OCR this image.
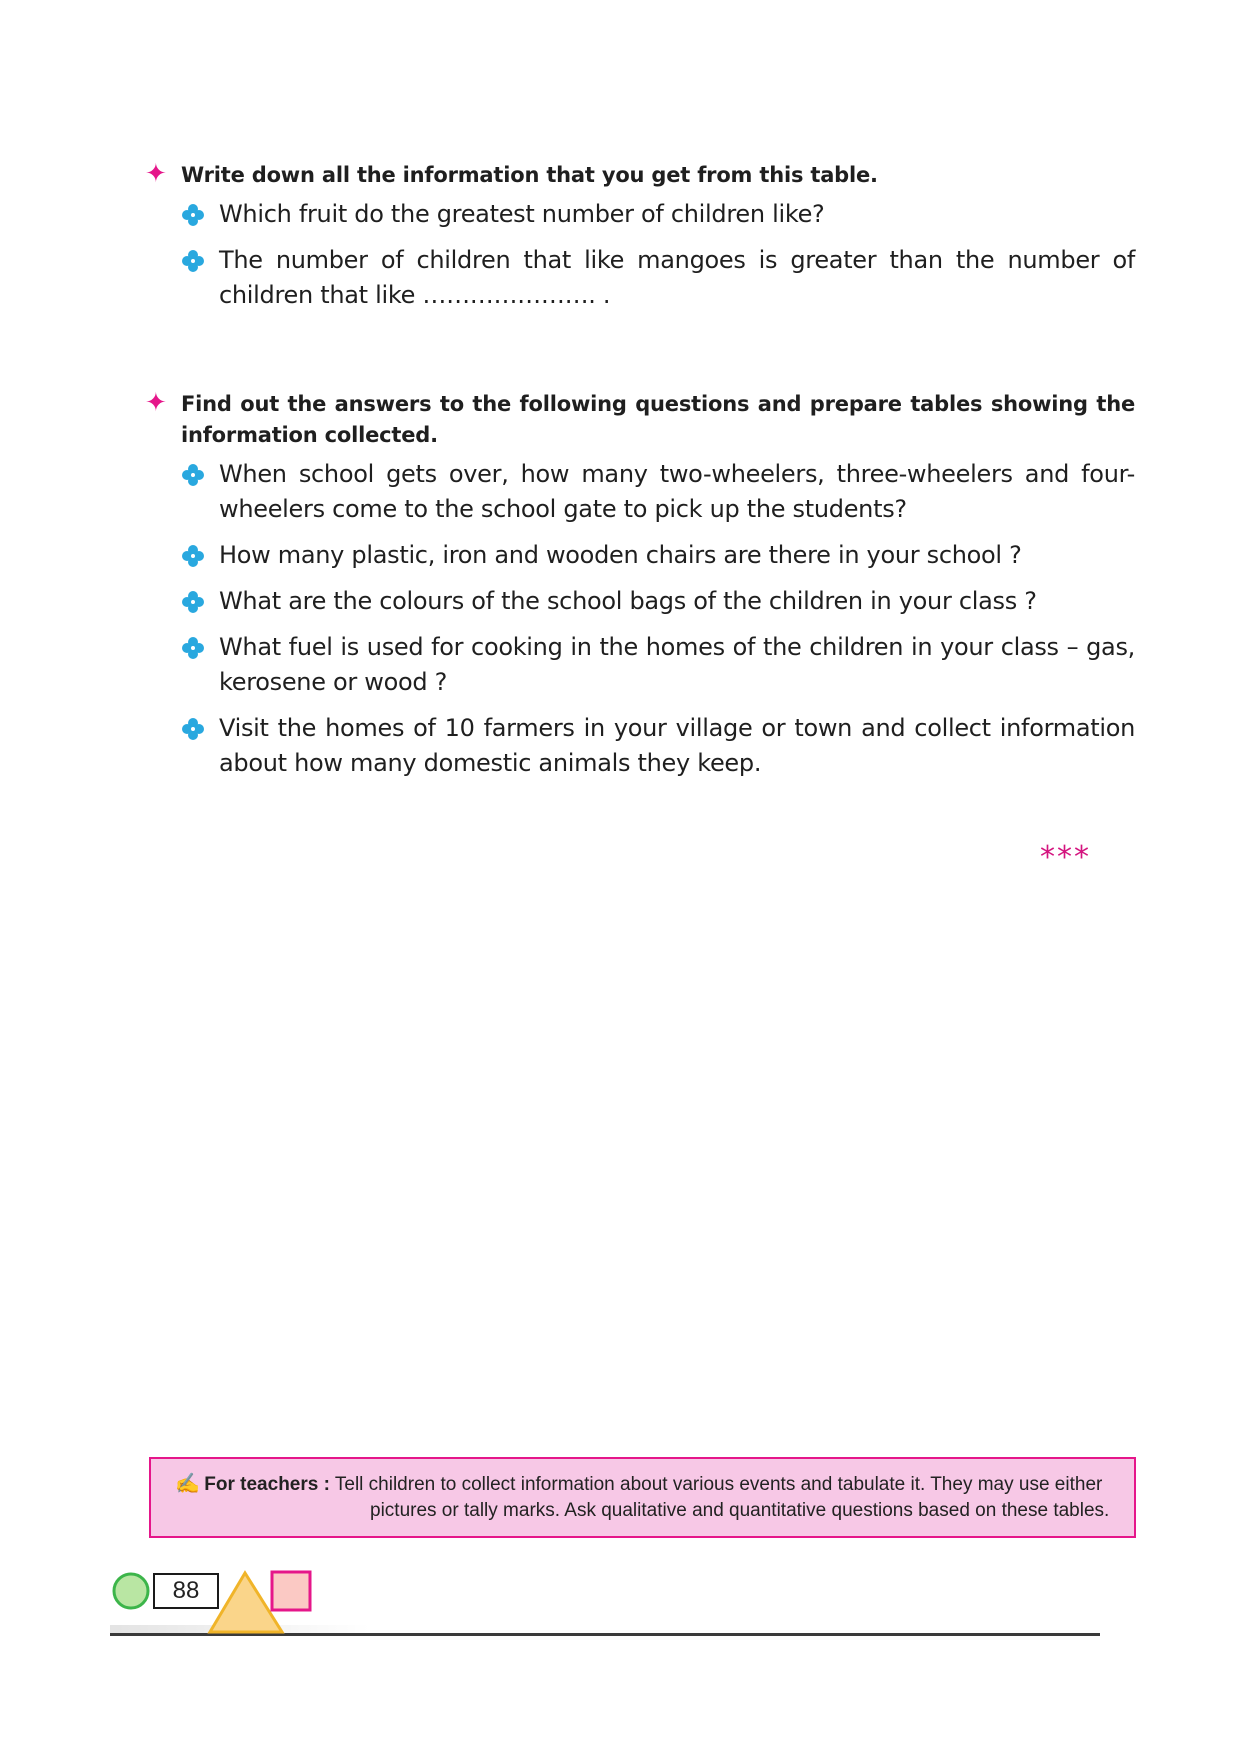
✦ Write down all the information that you get from this table.
Which fruit do the greatest number of children like?
The number of children that like mangoes is greater than the number of children that like …………………. .
✦ Find out the answers to the following questions and prepare tables showing the information collected.
When school gets over, how many two-wheelers, three-wheelers and four-wheelers come to the school gate to pick up the students?
How many plastic, iron and wooden chairs are there in your school ?
What are the colours of the school bags of the children in your class ?
What fuel is used for cooking in the homes of the children in your class – gas, kerosene or wood ?
Visit the homes of 10 farmers in your village or town and collect information about how many domestic animals they keep.
***
✍ For teachers : Tell children to collect information about various events and tabulate it. They may use either
pictures or tally marks. Ask qualitative and quantitative questions based on these tables.
88
